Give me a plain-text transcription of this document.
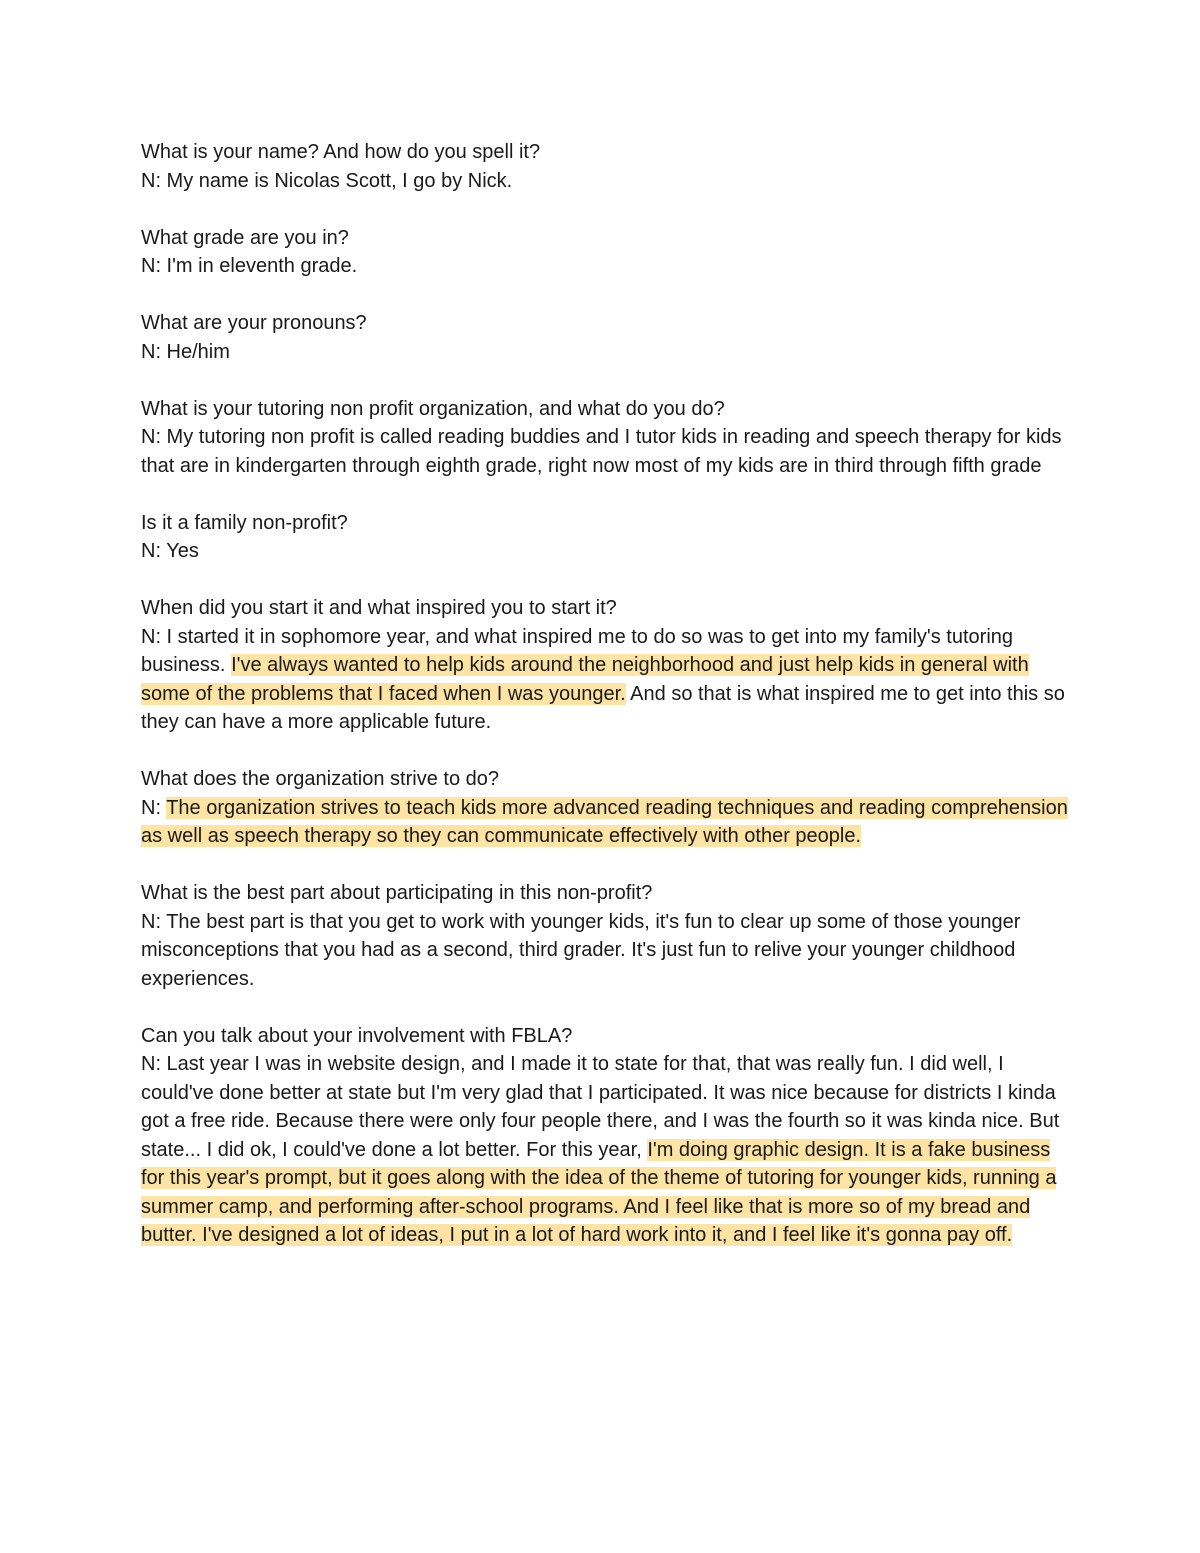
What is your name? And how do you spell it?

N: My name is Nicolas Scott, I go by Nick.

What grade are you in?

N: I'm in eleventh grade.

What are your pronouns?

N: He/him

What is your tutoring non profit organization, and what do you do?

N: My tutoring non profit is called reading buddies and I tutor kids in reading and speech therapy for kids that are in kindergarten through eighth grade, right now most of my kids are in third through fifth grade

Is it a family non-profit?

N: Yes

When did you start it and what inspired you to start it?

N: I started it in sophomore year, and what inspired me to do so was to get into my family's tutoring business. I've always wanted to help kids around the neighborhood and just help kids in general with some of the problems that I faced when I was younger. And so that is what inspired me to get into this so they can have a more applicable future.

What does the organization strive to do?

N: The organization strives to teach kids more advanced reading techniques and reading comprehension as well as speech therapy so they can communicate effectively with other people.

What is the best part about participating in this non-profit?

N: The best part is that you get to work with younger kids, it's fun to clear up some of those younger misconceptions that you had as a second, third grader. It's just fun to relive your younger childhood experiences.

Can you talk about your involvement with FBLA?

N: Last year I was in website design, and I made it to state for that, that was really fun. I did well, I could've done better at state but I'm very glad that I participated. It was nice because for districts I kinda got a free ride. Because there were only four people there, and I was the fourth so it was kinda nice. But state... I did ok, I could've done a lot better. For this year, I'm doing graphic design. It is a fake business for this year's prompt, but it goes along with the idea of the theme of tutoring for younger kids, running a summer camp, and performing after-school programs. And I feel like that is more so of my bread and butter. I've designed a lot of ideas, I put in a lot of hard work into it, and I feel like it's gonna pay off.
